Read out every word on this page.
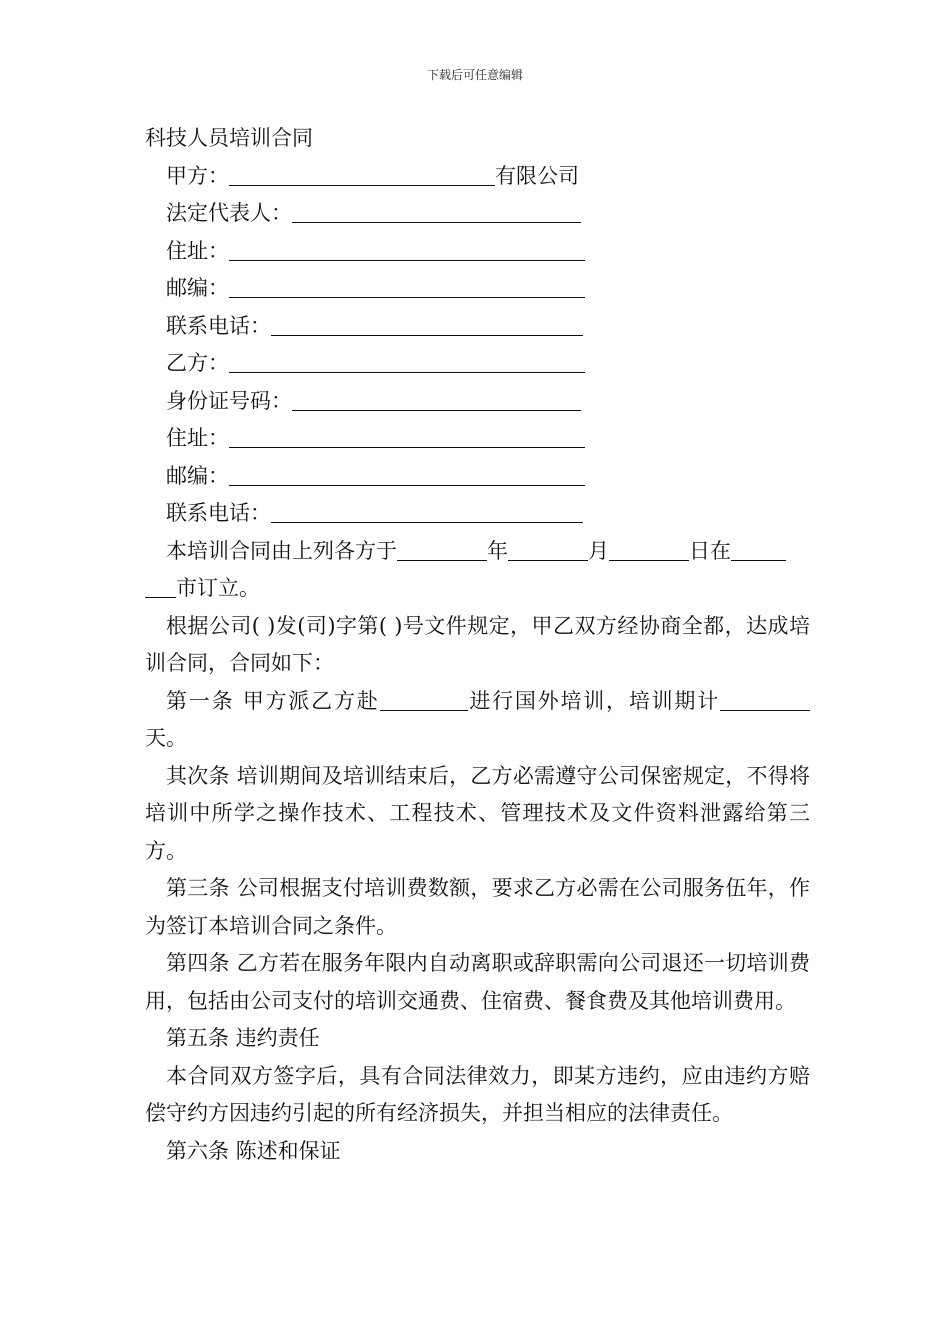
下载后可任意编辑
科技人员培训合同
甲方：	有限公司
法定代表人：
住址：
邮编：
联系电话：
乙方：
身份证号码：
住址：
邮编：
联系电话：
本培训合同由上列各方于	年	月	日在
市订立。

根据公司( )发(司)字第( )号文件规定，甲乙双方经协商全都，达成培训合同，合同如下：

第一条 甲方派乙方赴	进行国外培训，培训期计天。

其次条 培训期间及培训结束后，乙方必需遵守公司保密规定，不得将培训中所学之操作技术、工程技术、管理技术及文件资料泄露给第三方。

第三条 公司根据支付培训费数额，要求乙方必需在公司服务伍年，作为签订本培训合同之条件。

第四条 乙方若在服务年限内自动离职或辞职需向公司退还一切培训费用，包括由公司支付的培训交通费、住宿费、餐食费及其他培训费用。

第五条 违约责任

本合同双方签字后，具有合同法律效力，即某方违约，应由违约方赔偿守约方因违约引起的所有经济损失，并担当相应的法律责任。

第六条 陈述和保证
